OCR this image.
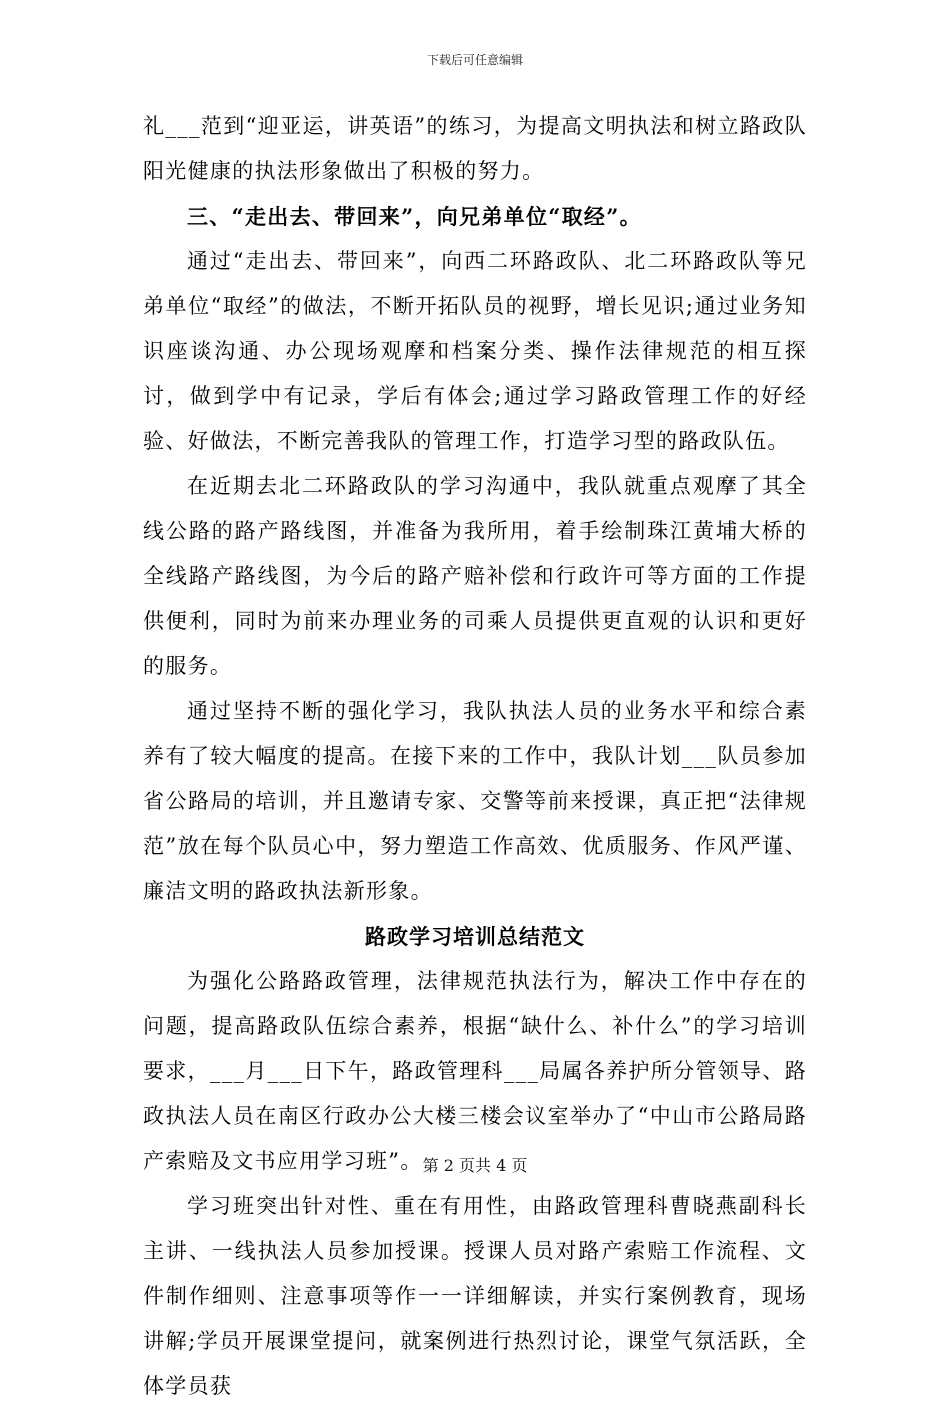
下载后可任意编辑

礼___范到“迎亚运，讲英语”的练习，为提高文明执法和树立路政队阳光健康的执法形象做出了积极的努力。

三、“走出去、带回来”，向兄弟单位“取经”。

通过“走出去、带回来”，向西二环路政队、北二环路政队等兄弟单位“取经”的做法，不断开拓队员的视野，增长见识;通过业务知识座谈沟通、办公现场观摩和档案分类、操作法律规范的相互探讨，做到学中有记录，学后有体会;通过学习路政管理工作的好经验、好做法，不断完善我队的管理工作，打造学习型的路政队伍。

在近期去北二环路政队的学习沟通中，我队就重点观摩了其全线公路的路产路线图，并准备为我所用，着手绘制珠江黄埔大桥的全线路产路线图，为今后的路产赔补偿和行政许可等方面的工作提供便利，同时为前来办理业务的司乘人员提供更直观的认识和更好的服务。

通过坚持不断的强化学习，我队执法人员的业务水平和综合素养有了较大幅度的提高。在接下来的工作中，我队计划___队员参加省公路局的培训，并且邀请专家、交警等前来授课，真正把“法律规范”放在每个队员心中，努力塑造工作高效、优质服务、作风严谨、廉洁文明的路政执法新形象。

路政学习培训总结范文

为强化公路路政管理，法律规范执法行为，解决工作中存在的问题，提高路政队伍综合素养，根据“缺什么、补什么”的学习培训要求，___月___日下午，路政管理科___局属各养护所分管领导、路政执法人员在南区行政办公大楼三楼会议室举办了“中山市公路局路产索赔及文书应用学习班”。

学习班突出针对性、重在有用性，由路政管理科曹晓燕副科长主讲、一线执法人员参加授课。授课人员对路产索赔工作流程、文件制作细则、注意事项等作一一详细解读，并实行案例教育，现场讲解;学员开展课堂提问，就案例进行热烈讨论，课堂气氛活跃，全体学员获

第 2 页共 4 页
